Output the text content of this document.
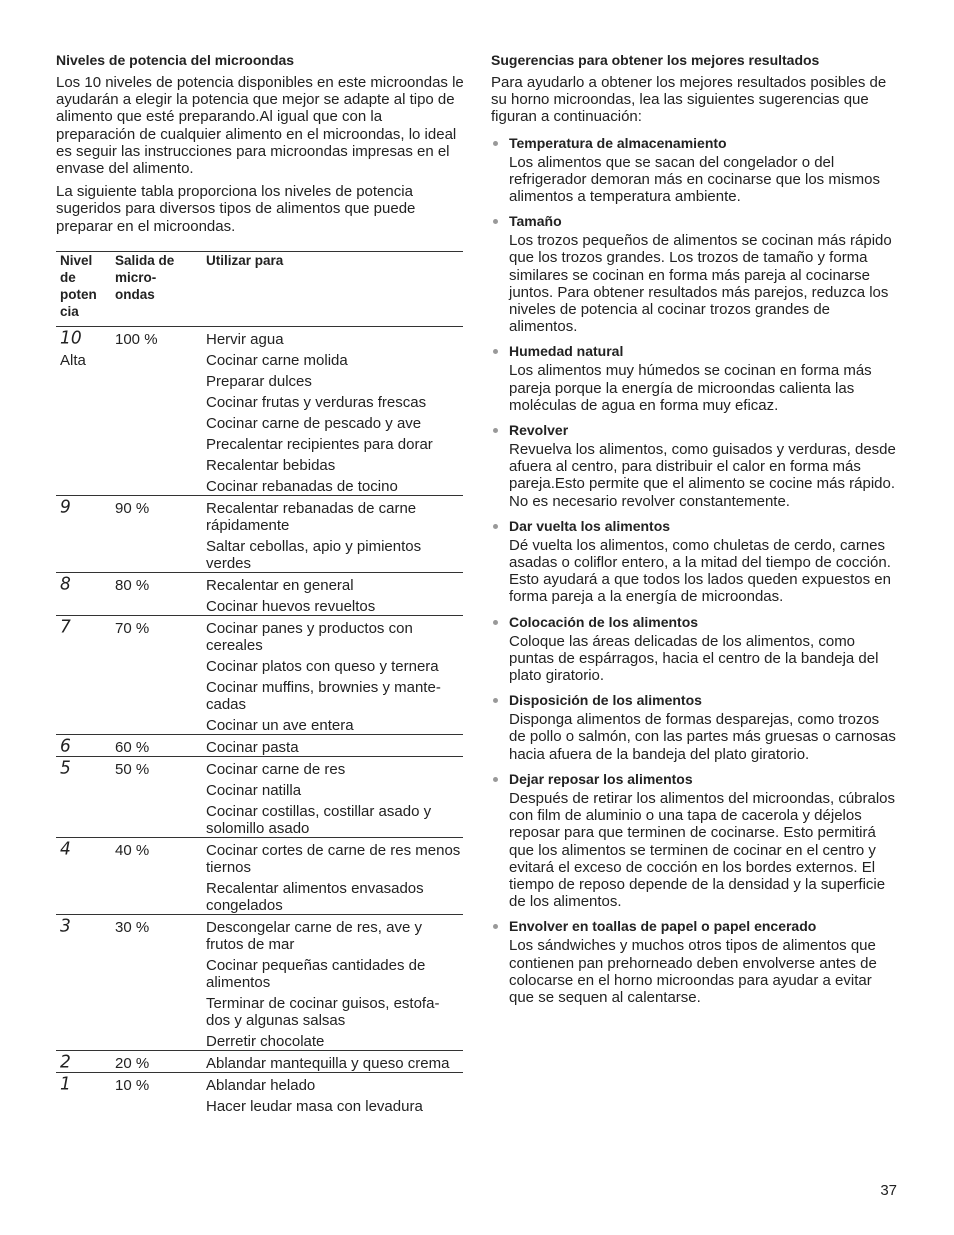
Niveles de potencia del microondas

Los 10 niveles de potencia disponibles en este microondas le ayudarán a elegir la potencia que mejor se adapte al tipo de alimento que esté preparando.Al igual que con la preparación de cualquier alimento en el microondas, lo ideal es seguir las instrucciones para microondas impresas en el envase del alimento.

La siguiente tabla proporciona los niveles de potencia sugeridos para diversos tipos de alimentos que puede preparar en el microondas.

Nivel de poten cia	Salida de micro- ondas	Utilizar para

10	100 %	Hervir agua

Alta		Cocinar carne molida

		Preparar dulces

		Cocinar frutas y verduras frescas

		Cocinar carne de pescado y ave

		Precalentar recipientes para dorar

		Recalentar bebidas

		Cocinar rebanadas de tocino

9	90 %	Recalentar rebanadas de carne rápidamente

		Saltar cebollas, apio y pimientos verdes

8	80 %	Recalentar en general

		Cocinar huevos revueltos

7	70 %	Cocinar panes y productos con cereales

		Cocinar platos con queso y ternera

		Cocinar muffins, brownies y mante- cadas

		Cocinar un ave entera

6	60 %	Cocinar pasta

5	50 %	Cocinar carne de res

		Cocinar natilla

		Cocinar costillas, costillar asado y solomillo asado

4	40 %	Cocinar cortes de carne de res menos tiernos

		Recalentar alimentos envasados congelados

3	30 %	Descongelar carne de res, ave y frutos de mar

		Cocinar pequeñas cantidades de alimentos

		Terminar de cocinar guisos, estofa- dos y algunas salsas

		Derretir chocolate

2	20 %	Ablandar mantequilla y queso crema

1	10 %	Ablandar helado

		Hacer leudar masa con levadura
Sugerencias para obtener los mejores resultados

Para ayudarlo a obtener los mejores resultados posibles de su horno microondas, lea las siguientes sugerencias que figuran a continuación:

Temperatura de almacenamiento
Los alimentos que se sacan del congelador o del refrigerador demoran más en cocinarse que los mismos alimentos a temperatura ambiente.
Tamaño
Los trozos pequeños de alimentos se cocinan más rápido que los trozos grandes. Los trozos de tamaño y forma similares se cocinan en forma más pareja al cocinarse juntos. Para obtener resultados más parejos, reduzca los niveles de potencia al cocinar trozos grandes de alimentos.
Humedad natural
Los alimentos muy húmedos se cocinan en forma más pareja porque la energía de microondas calienta las moléculas de agua en forma muy eficaz.
Revolver
Revuelva los alimentos, como guisados y verduras, desde afuera al centro, para distribuir el calor en forma más pareja.Esto permite que el alimento se cocine más rápido. No es necesario revolver constantemente.
Dar vuelta los alimentos
Dé vuelta los alimentos, como chuletas de cerdo, carnes asadas o coliflor entero, a la mitad del tiempo de cocción. Esto ayudará a que todos los lados queden expuestos en forma pareja a la energía de microondas.
Colocación de los alimentos
Coloque las áreas delicadas de los alimentos, como puntas de espárragos, hacia el centro de la bandeja del plato giratorio.
Disposición de los alimentos
Disponga alimentos de formas desparejas, como trozos de pollo o salmón, con las partes más gruesas o carnosas hacia afuera de la bandeja del plato giratorio.
Dejar reposar los alimentos
Después de retirar los alimentos del microondas, cúbralos con film de aluminio o una tapa de cacerola y déjelos reposar para que terminen de cocinarse. Esto permitirá que los alimentos se terminen de cocinar en el centro y evitará el exceso de cocción en los bordes externos. El tiempo de reposo depende de la densidad y la superficie de los alimentos.
Envolver en toallas de papel o papel encerado
Los sándwiches y muchos otros tipos de alimentos que contienen pan prehorneado deben envolverse antes de colocarse en el horno microondas para ayudar a evitar que se sequen al calentarse.
37
